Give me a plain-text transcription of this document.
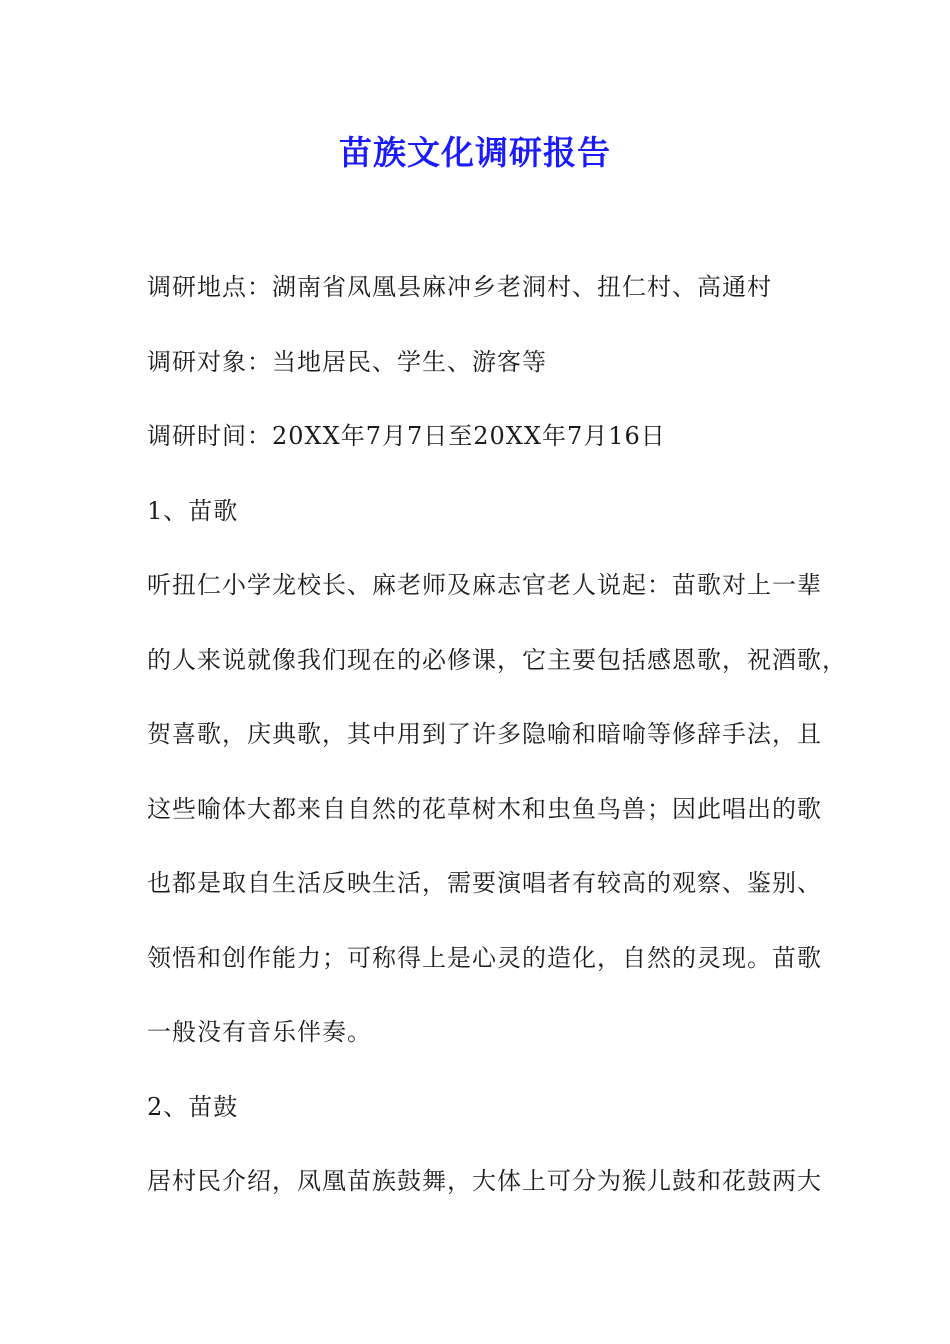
苗族文化调研报告
调研地点：湖南省凤凰县麻冲乡老洞村、扭仁村、高通村
调研对象：当地居民、学生、游客等
调研时间：20XX年7月7日至20XX年7月16日
1、苗歌
听扭仁小学龙校长、麻老师及麻志官老人说起：苗歌对上一辈
的人来说就像我们现在的必修课，它主要包括感恩歌，祝酒歌，
贺喜歌，庆典歌，其中用到了许多隐喻和暗喻等修辞手法，且
这些喻体大都来自自然的花草树木和虫鱼鸟兽；因此唱出的歌
也都是取自生活反映生活，需要演唱者有较高的观察、鉴别、
领悟和创作能力；可称得上是心灵的造化，自然的灵现。苗歌
一般没有音乐伴奏。
2、苗鼓
居村民介绍，凤凰苗族鼓舞，大体上可分为猴儿鼓和花鼓两大
